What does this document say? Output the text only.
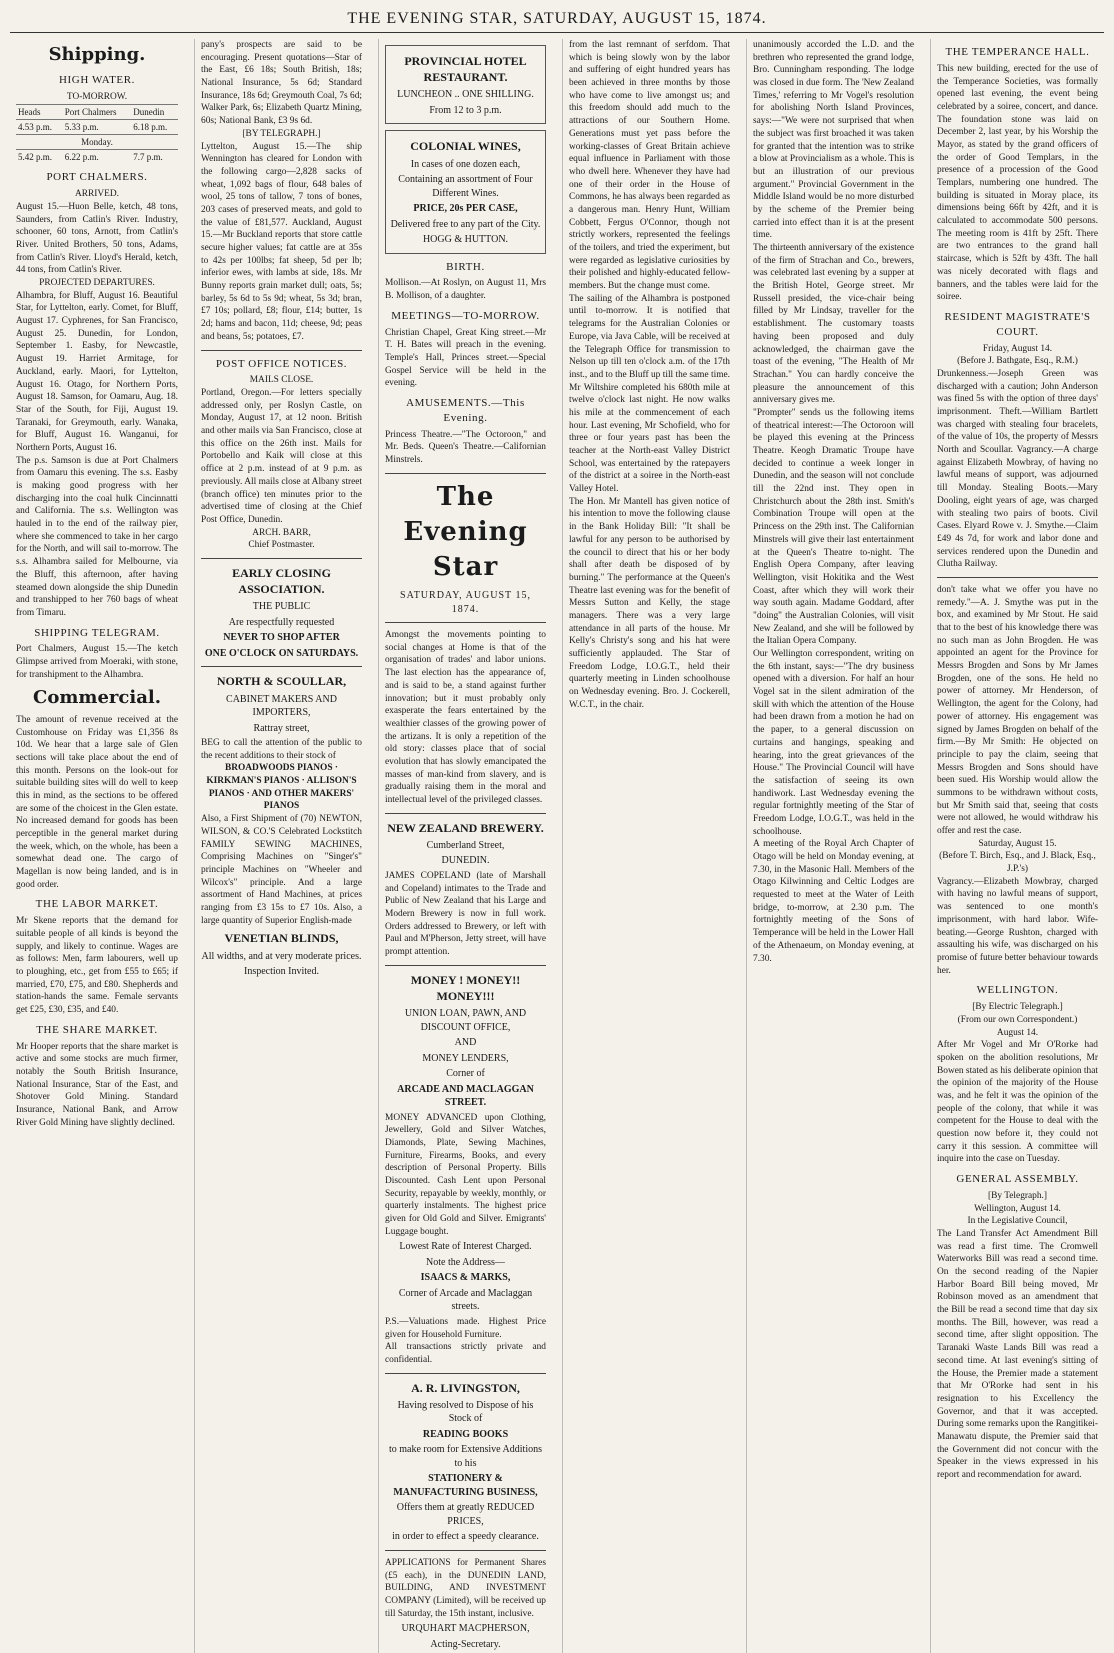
THE EVENING STAR, SATURDAY, AUGUST 15, 1874.
Shipping.
HIGH WATER.
TO-MORROW.
Heads	Port Chalmers	Dunedin
4.53 p.m.	5.33 p.m.	6.18 p.m.
Monday.		
5.42 p.m.	6.22 p.m.	7.7 p.m.
PORT CHALMERS.
ARRIVED.
August 15.—Huon Belle, ketch, 48 tons, Saunders, from Catlin's River. Industry, schooner, 60 tons, Arnott, from Catlin's River. United Brothers, 50 tons, Adams, from Catlin's River. Lloyd's Herald, ketch, 44 tons, from Catlin's River.
PROJECTED DEPARTURES.
Alhambra, for Bluff, August 16. Beautiful Star, for Lyttelton, early. Comet, for Bluff, August 17. Cyphrenes, for San Francisco, August 25. Dunedin, for London, September 1. Easby, for Newcastle, August 19. Harriet Armitage, for Auckland, early. Maori, for Lyttelton, August 16. Otago, for Northern Ports, August 18. Samson, for Oamaru, Aug. 18. Star of the South, for Fiji, August 19. Taranaki, for Greymouth, early. Wanaka, for Bluff, August 16. Wanganui, for Northern Ports, August 16.
The p.s. Samson is due at Port Chalmers from Oamaru this evening. The s.s. Easby is making good progress with her discharging into the coal hulk Cincinnatti and California. The s.s. Wellington was hauled in to the end of the railway pier, where she commenced to take in her cargo for the North, and will sail to-morrow. The s.s. Alhambra sailed for Melbourne, via the Bluff, this afternoon, after having steamed down alongside the ship Dunedin and transhipped to her 760 bags of wheat from Timaru.
SHIPPING TELEGRAM.
Port Chalmers, August 15.—The ketch Glimpse arrived from Moeraki, with stone, for transhipment to the Alhambra.
Commercial.
The amount of revenue received at the Customhouse on Friday was £1,356 8s 10d. We hear that a large sale of Glen sections will take place about the end of this month. Persons on the look-out for suitable building sites will do well to keep this in mind, as the sections to be offered are some of the choicest in the Glen estate. No increased demand for goods has been perceptible in the general market during the week, which, on the whole, has been a somewhat dead one. The cargo of Magellan is now being landed, and is in good order.
THE LABOR MARKET.
Mr Skene reports that the demand for suitable people of all kinds is beyond the supply, and likely to continue. Wages are as follows: Men, farm labourers, well up to ploughing, etc., get from £55 to £65; if married, £70, £75, and £80. Shepherds and station-hands the same. Female servants get £25, £30, £35, and £40.
THE SHARE MARKET.
Mr Hooper reports that the share market is active and some stocks are much firmer, notably the South British Insurance, National Insurance, Star of the East, and Shotover Gold Mining. Standard Insurance, National Bank, and Arrow River Gold Mining have slightly declined.
pany's prospects are said to be encouraging. Present quotations—Star of the East, £6 18s; South British, 18s; National Insurance, 5s 6d; Standard Insurance, 18s 6d; Greymouth Coal, 7s 6d; Walker Park, 6s; Elizabeth Quartz Mining, 60s; National Bank, £3 9s 6d.
[BY TELEGRAPH.]
Lyttelton, August 15.—The ship Wennington has cleared for London with the following cargo—2,828 sacks of wheat, 1,092 bags of flour, 648 bales of wool, 25 tons of tallow, 7 tons of bones, 203 cases of preserved meats, and gold to the value of £81,577. Auckland, August 15.—Mr Buckland reports that store cattle secure higher values; fat cattle are at 35s to 42s per 100lbs; fat sheep, 5d per lb; inferior ewes, with lambs at side, 18s. Mr Bunny reports grain market dull; oats, 5s; barley, 5s 6d to 5s 9d; wheat, 5s 3d; bran, £7 10s; pollard, £8; flour, £14; butter, 1s 2d; hams and bacon, 11d; cheese, 9d; peas and beans, 5s; potatoes, £7.
POST OFFICE NOTICES.
MAILS CLOSE.
Portland, Oregon.—For letters specially addressed only, per Roslyn Castle, on Monday, August 17, at 12 noon. British and other mails via San Francisco, close at this office on the 26th inst. Mails for Portobello and Kaik will close at this office at 2 p.m. instead of at 9 p.m. as previously. All mails close at Albany street (branch office) ten minutes prior to the advertised time of closing at the Chief Post Office, Dunedin.
ARCH. BARR,
Chief Postmaster.
EARLY CLOSING ASSOCIATION.
THE PUBLIC
Are respectfully requested
NEVER TO SHOP AFTER
ONE O'CLOCK ON SATURDAYS.
NORTH & SCOULLAR,
CABINET MAKERS AND IMPORTERS,
Rattray street,
BEG to call the attention of the public to the recent additions to their stock of
BROADWOODS PIANOS · KIRKMAN'S PIANOS · ALLISON'S PIANOS · AND OTHER MAKERS' PIANOS
Also, a First Shipment of (70) NEWTON, WILSON, & CO.'S Celebrated Lockstitch FAMILY SEWING MACHINES, Comprising Machines on "Singer's" principle Machines on "Wheeler and Wilcox's" principle. And a large assortment of Hand Machines, at prices ranging from £3 15s to £7 10s. Also, a large quantity of Superior English-made
VENETIAN BLINDS,
All widths, and at very moderate prices.
Inspection Invited.
PROVINCIAL HOTEL RESTAURANT.
LUNCHEON .. ONE SHILLING.
From 12 to 3 p.m.
COLONIAL WINES,
In cases of one dozen each,
Containing an assortment of Four Different Wines.
PRICE, 20s PER CASE,
Delivered free to any part of the City.
HOGG & HUTTON.
BIRTH.
Mollison.—At Roslyn, on August 11, Mrs B. Mollison, of a daughter.
MEETINGS—TO-MORROW.
Christian Chapel, Great King street.—Mr T. H. Bates will preach in the evening. Temple's Hall, Princes street.—Special Gospel Service will be held in the evening.
AMUSEMENTS.—This Evening.
Princess Theatre.—"The Octoroon," and Mr. Beds. Queen's Theatre.—Californian Minstrels.
The Evening Star
SATURDAY, AUGUST 15, 1874.
Amongst the movements pointing to social changes at Home is that of the organisation of trades' and labor unions. The last election has the appearance of, and is said to be, a stand against further innovation; but it must probably only exasperate the fears entertained by the wealthier classes of the growing power of the artizans. It is only a repetition of the old story: classes place that of social evolution that has slowly emancipated the masses of man-kind from slavery, and is gradually raising them in the moral and intellectual level of the privileged classes.
NEW ZEALAND BREWERY.
Cumberland Street,
DUNEDIN.
JAMES COPELAND (late of Marshall and Copeland) intimates to the Trade and Public of New Zealand that his Large and Modern Brewery is now in full work. Orders addressed to Brewery, or left with Paul and M'Pherson, Jetty street, will have prompt attention.
MONEY ! MONEY!! MONEY!!!
UNION LOAN, PAWN, AND DISCOUNT OFFICE,
AND
MONEY LENDERS,
Corner of
ARCADE AND MACLAGGAN STREET.
MONEY ADVANCED upon Clothing, Jewellery, Gold and Silver Watches, Diamonds, Plate, Sewing Machines, Furniture, Firearms, Books, and every description of Personal Property. Bills Discounted. Cash Lent upon Personal Security, repayable by weekly, monthly, or quarterly instalments. The highest price given for Old Gold and Silver. Emigrants' Luggage bought.
Lowest Rate of Interest Charged.
Note the Address—
ISAACS & MARKS,
Corner of Arcade and Maclaggan streets.
P.S.—Valuations made. Highest Price given for Household Furniture.
All transactions strictly private and confidential.
A. R. LIVINGSTON,
Having resolved to Dispose of his Stock of
READING BOOKS
to make room for Extensive Additions to his
STATIONERY & MANUFACTURING BUSINESS,
Offers them at greatly REDUCED PRICES,
in order to effect a speedy clearance.
APPLICATIONS for Permanent Shares (£5 each), in the DUNEDIN LAND, BUILDING, AND INVESTMENT COMPANY (Limited), will be received up till Saturday, the 15th instant, inclusive.
URQUHART MACPHERSON,
Acting-Secretary.
from the last remnant of serfdom. That which is being slowly won by the labor and suffering of eight hundred years has been achieved in three months by those who have come to live amongst us; and this freedom should add much to the attractions of our Southern Home. Generations must yet pass before the working-classes of Great Britain achieve equal influence in Parliament with those who dwell here. Whenever they have had one of their order in the House of Commons, he has always been regarded as a dangerous man. Henry Hunt, William Cobbett, Fergus O'Connor, though not strictly workers, represented the feelings of the toilers, and tried the experiment, but were regarded as legislative curiosities by their polished and highly-educated fellow-members. But the change must come.
The sailing of the Alhambra is postponed until to-morrow. It is notified that telegrams for the Australian Colonies or Europe, via Java Cable, will be received at the Telegraph Office for transmission to Nelson up till ten o'clock a.m. of the 17th inst., and to the Bluff up till the same time. Mr Wiltshire completed his 680th mile at twelve o'clock last night. He now walks his mile at the commencement of each hour. Last evening, Mr Schofield, who for three or four years past has been the teacher at the North-east Valley District School, was entertained by the ratepayers of the district at a soiree in the North-east Valley Hotel.
The Hon. Mr Mantell has given notice of his intention to move the following clause in the Bank Holiday Bill: "It shall be lawful for any person to be authorised by the council to direct that his or her body shall after death be disposed of by burning." The performance at the Queen's Theatre last evening was for the benefit of Messrs Sutton and Kelly, the stage managers. There was a very large attendance in all parts of the house. Mr Kelly's Christy's song and his hat were sufficiently applauded. The Star of Freedom Lodge, I.O.G.T., held their quarterly meeting in Linden schoolhouse on Wednesday evening. Bro. J. Cockerell, W.C.T., in the chair.
unanimously accorded the L.D. and the brethren who represented the grand lodge, Bro. Cunningham responding. The lodge was closed in due form. The 'New Zealand Times,' referring to Mr Vogel's resolution for abolishing North Island Provinces, says:—"We were not surprised that when the subject was first broached it was taken for granted that the intention was to strike a blow at Provincialism as a whole. This is but an illustration of our previous argument." Provincial Government in the Middle Island would be no more disturbed by the scheme of the Premier being carried into effect than it is at the present time.
The thirteenth anniversary of the existence of the firm of Strachan and Co., brewers, was celebrated last evening by a supper at the British Hotel, George street. Mr Russell presided, the vice-chair being filled by Mr Lindsay, traveller for the establishment. The customary toasts having been proposed and duly acknowledged, the chairman gave the toast of the evening, "The Health of Mr Strachan." You can hardly conceive the pleasure the announcement of this anniversary gives me.
"Prompter" sends us the following items of theatrical interest:—The Octoroon will be played this evening at the Princess Theatre. Keogh Dramatic Troupe have decided to continue a week longer in Dunedin, and the season will not conclude till the 22nd inst. They open in Christchurch about the 28th inst. Smith's Combination Troupe will open at the Princess on the 29th inst. The Californian Minstrels will give their last entertainment at the Queen's Theatre to-night. The English Opera Company, after leaving Wellington, visit Hokitika and the West Coast, after which they will work their way south again. Madame Goddard, after "doing" the Australian Colonies, will visit New Zealand, and she will be followed by the Italian Opera Company.
Our Wellington correspondent, writing on the 6th instant, says:—"The dry business opened with a diversion. For half an hour Vogel sat in the silent admiration of the skill with which the attention of the House had been drawn from a motion he had on the paper, to a general discussion on curtains and hangings, speaking and hearing, into the great grievances of the House." The Provincial Council will have the satisfaction of seeing its own handiwork. Last Wednesday evening the regular fortnightly meeting of the Star of Freedom Lodge, I.O.G.T., was held in the schoolhouse.
A meeting of the Royal Arch Chapter of Otago will be held on Monday evening, at 7.30, in the Masonic Hall. Members of the Otago Kilwinning and Celtic Lodges are requested to meet at the Water of Leith bridge, to-morrow, at 2.30 p.m. The fortnightly meeting of the Sons of Temperance will be held in the Lower Hall of the Athenaeum, on Monday evening, at 7.30.
THE TEMPERANCE HALL.
This new building, erected for the use of the Temperance Societies, was formally opened last evening, the event being celebrated by a soiree, concert, and dance. The foundation stone was laid on December 2, last year, by his Worship the Mayor, as stated by the grand officers of the order of Good Templars, in the presence of a procession of the Good Templars, numbering one hundred. The building is situated in Moray place, its dimensions being 66ft by 42ft, and it is calculated to accommodate 500 persons. The meeting room is 41ft by 25ft. There are two entrances to the grand hall staircase, which is 52ft by 43ft. The hall was nicely decorated with flags and banners, and the tables were laid for the soiree.
RESIDENT MAGISTRATE'S COURT.
Friday, August 14.
(Before J. Bathgate, Esq., R.M.)
Drunkenness.—Joseph Green was discharged with a caution; John Anderson was fined 5s with the option of three days' imprisonment. Theft.—William Bartlett was charged with stealing four bracelets, of the value of 10s, the property of Messrs North and Scoullar. Vagrancy.—A charge against Elizabeth Mowbray, of having no lawful means of support, was adjourned till Monday. Stealing Boots.—Mary Dooling, eight years of age, was charged with stealing two pairs of boots. Civil Cases. Elyard Rowe v. J. Smythe.—Claim £49 4s 7d, for work and labor done and services rendered upon the Dunedin and Clutha Railway.
don't take what we offer you have no remedy."—A. J. Smythe was put in the box, and examined by Mr Stout. He said that to the best of his knowledge there was no such man as John Brogden. He was appointed an agent for the Province for Messrs Brogden and Sons by Mr James Brogden, one of the sons. He held no power of attorney. Mr Henderson, of Wellington, the agent for the Colony, had power of attorney. His engagement was signed by James Brogden on behalf of the firm.—By Mr Smith: He objected on principle to pay the claim, seeing that Messrs Brogden and Sons should have been sued. His Worship would allow the summons to be withdrawn without costs, but Mr Smith said that, seeing that costs were not allowed, he would withdraw his offer and rest the case.
Saturday, August 15.
(Before T. Birch, Esq., and J. Black, Esq., J.P.'s)
Vagrancy.—Elizabeth Mowbray, charged with having no lawful means of support, was sentenced to one month's imprisonment, with hard labor. Wife-beating.—George Rushton, charged with assaulting his wife, was discharged on his promise of future better behaviour towards her.
WELLINGTON.
[By Electric Telegraph.]
(From our own Correspondent.)
August 14.
After Mr Vogel and Mr O'Rorke had spoken on the abolition resolutions, Mr Bowen stated as his deliberate opinion that the opinion of the majority of the House was, and he felt it was the opinion of the people of the colony, that while it was competent for the House to deal with the question now before it, they could not carry it this session. A committee will inquire into the case on Tuesday.
GENERAL ASSEMBLY.
[By Telegraph.]
Wellington, August 14.
In the Legislative Council,
The Land Transfer Act Amendment Bill was read a first time. The Cromwell Waterworks Bill was read a second time. On the second reading of the Napier Harbor Board Bill being moved, Mr Robinson moved as an amendment that the Bill be read a second time that day six months. The Bill, however, was read a second time, after slight opposition. The Taranaki Waste Lands Bill was read a second time. At last evening's sitting of the House, the Premier made a statement that Mr O'Rorke had sent in his resignation to his Excellency the Governor, and that it was accepted. During some remarks upon the Rangitikei-Manawatu dispute, the Premier said that the Government did not concur with the Speaker in the views expressed in his report and recommendation for award.
